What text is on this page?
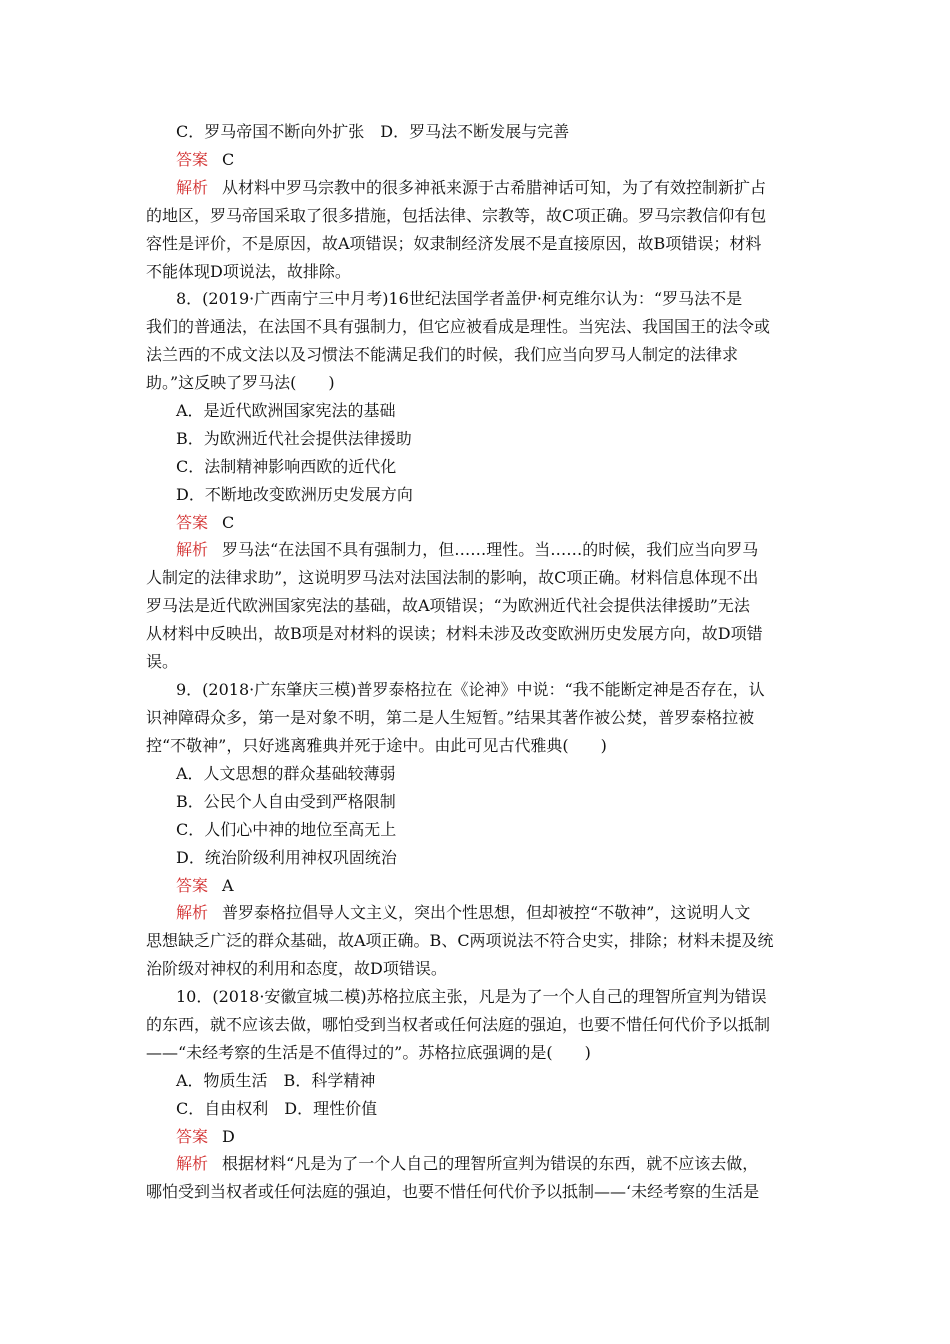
C．罗马帝国不断向外扩张　D．罗马法不断发展与完善
答案 C
解析 从材料中罗马宗教中的很多神祇来源于古希腊神话可知，为了有效控制新扩占
的地区，罗马帝国采取了很多措施，包括法律、宗教等，故C项正确。罗马宗教信仰有包
容性是评价，不是原因，故A项错误；奴隶制经济发展不是直接原因，故B项错误；材料
不能体现D项说法，故排除。
8．(2019·广西南宁三中月考)16世纪法国学者盖伊·柯克维尔认为：“罗马法不是
我们的普通法，在法国不具有强制力，但它应被看成是理性。当宪法、我国国王的法令或
法兰西的不成文法以及习惯法不能满足我们的时候，我们应当向罗马人制定的法律求
助。”这反映了罗马法(　　)
A．是近代欧洲国家宪法的基础
B．为欧洲近代社会提供法律援助
C．法制精神影响西欧的近代化
D．不断地改变欧洲历史发展方向
答案 C
解析 罗马法“在法国不具有强制力，但……理性。当……的时候，我们应当向罗马
人制定的法律求助”，这说明罗马法对法国法制的影响，故C项正确。材料信息体现不出
罗马法是近代欧洲国家宪法的基础，故A项错误；“为欧洲近代社会提供法律援助”无法
从材料中反映出，故B项是对材料的误读；材料未涉及改变欧洲历史发展方向，故D项错
误。
9．(2018·广东肇庆三模)普罗泰格拉在《论神》中说：“我不能断定神是否存在，认
识神障碍众多，第一是对象不明，第二是人生短暂。”结果其著作被公焚，普罗泰格拉被
控“不敬神”，只好逃离雅典并死于途中。由此可见古代雅典(　　)
A．人文思想的群众基础较薄弱
B．公民个人自由受到严格限制
C．人们心中神的地位至高无上
D．统治阶级利用神权巩固统治
答案 A
解析 普罗泰格拉倡导人文主义，突出个性思想，但却被控“不敬神”，这说明人文
思想缺乏广泛的群众基础，故A项正确。B、C两项说法不符合史实，排除；材料未提及统
治阶级对神权的利用和态度，故D项错误。
10．(2018·安徽宣城二模)苏格拉底主张，凡是为了一个人自己的理智所宣判为错误
的东西，就不应该去做，哪怕受到当权者或任何法庭的强迫，也要不惜任何代价予以抵制
——“未经考察的生活是不值得过的”。苏格拉底强调的是(　　)
A．物质生活　B．科学精神
C．自由权利　D．理性价值
答案 D
解析 根据材料“凡是为了一个人自己的理智所宣判为错误的东西，就不应该去做，
哪怕受到当权者或任何法庭的强迫，也要不惜任何代价予以抵制——‘未经考察的生活是
